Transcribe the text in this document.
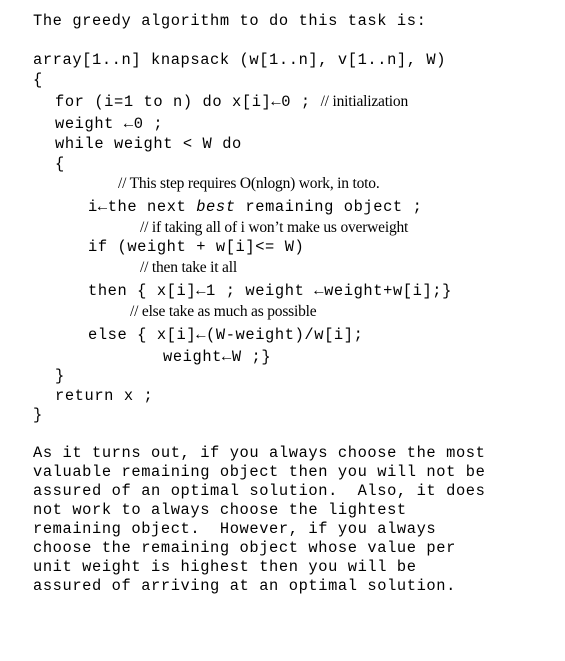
The greedy algorithm to do this task is:
array[1..n] knapsack (w[1..n], v[1..n], W)
{
for (i=1 to n) do x[i]←0 ; // initialization
weight ←0 ;
while weight < W do
{
// This step requires O(nlogn) work, in toto.
i←the next best remaining object ;
// if taking all of i won’t make us overweight
if (weight + w[i]<= W)
// then take it all
then { x[i]←1 ; weight ←weight+w[i];}
// else take as much as possible
else { x[i]←(W-weight)/w[i];
weight←W ;}
}
return x ;
}
As it turns out, if you always choose the most
valuable remaining object then you will not be
assured of an optimal solution.  Also, it does
not work to always choose the lightest
remaining object.  However, if you always
choose the remaining object whose value per
unit weight is highest then you will be
assured of arriving at an optimal solution.
